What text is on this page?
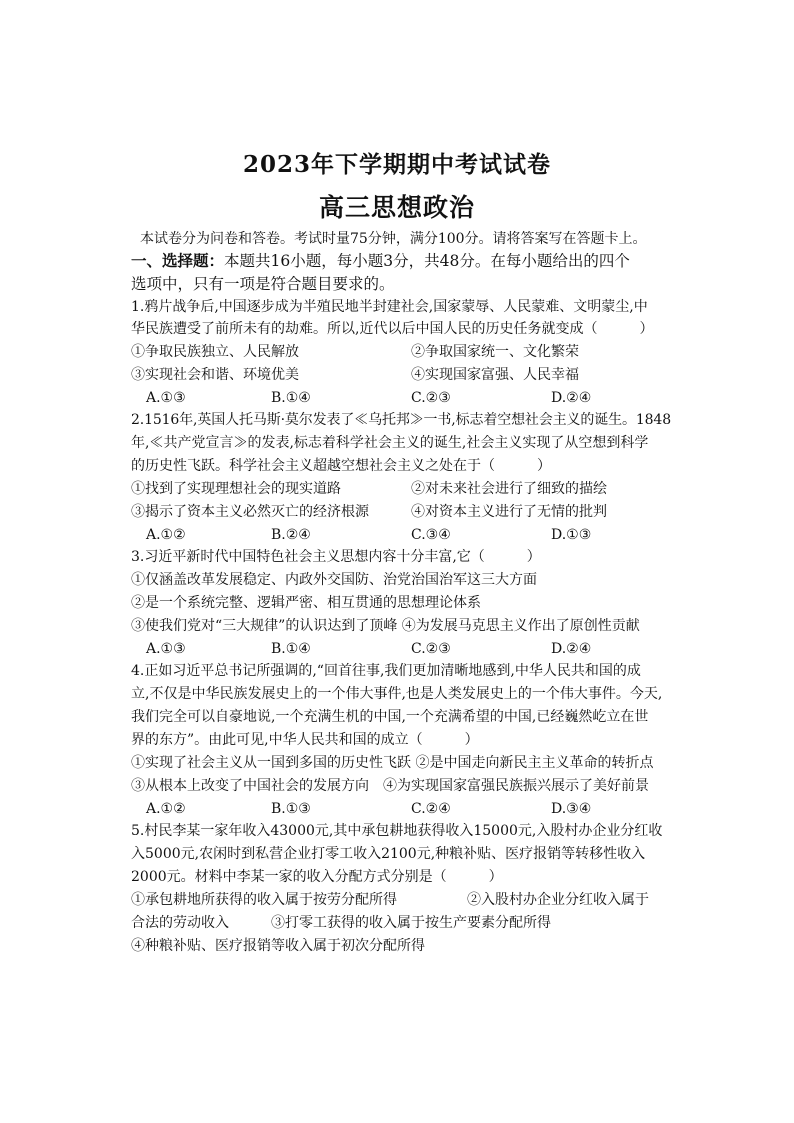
2023年下学期期中考试试卷
高三思想政治
本试卷分为问卷和答卷。考试时量75分钟，满分100分。请将答案写在答题卡上。
一、选择题：本题共16小题，每小题3分，共48分。在每小题给出的四个
选项中，只有一项是符合题目要求的。
1.鸦片战争后,中国逐步成为半殖民地半封建社会,国家蒙辱、人民蒙难、文明蒙尘,中
华民族遭受了前所未有的劫难。所以,近代以后中国人民的历史任务就变成（　　　）
①争取民族独立、人民解放	②争取国家统一、文化繁荣
③实现社会和谐、环境优美	④实现国家富强、人民幸福
A.①③	B.①④	C.②③	D.②④
2.1516年,英国人托马斯·莫尔发表了≪乌托邦≫一书,标志着空想社会主义的诞生。1848
年,≪共产党宣言≫的发表,标志着科学社会主义的诞生,社会主义实现了从空想到科学
的历史性飞跃。科学社会主义超越空想社会主义之处在于（　　　）
①找到了实现理想社会的现实道路	②对未来社会进行了细致的描绘
③揭示了资本主义必然灭亡的经济根源	④对资本主义进行了无情的批判
A.①②	B.②④	C.③④	D.①③
3.习近平新时代中国特色社会主义思想内容十分丰富,它（　　　）
①仅涵盖改革发展稳定、内政外交国防、治党治国治军这三大方面
②是一个系统完整、逻辑严密、相互贯通的思想理论体系
③使我们党对“三大规律”的认识达到了顶峰 ④为发展马克思主义作出了原创性贡献
A.①③	B.①④	C.②③	D.②④
4.正如习近平总书记所强调的,“回首往事,我们更加清晰地感到,中华人民共和国的成
立,不仅是中华民族发展史上的一个伟大事件,也是人类发展史上的一个伟大事件。今天,
我们完全可以自豪地说,一个充满生机的中国,一个充满希望的中国,已经巍然屹立在世
界的东方”。由此可见,中华人民共和国的成立（　　　）
①实现了社会主义从一国到多国的历史性飞跃 ②是中国走向新民主主义革命的转折点
③从根本上改变了中国社会的发展方向　④为实现国家富强民族振兴展示了美好前景
A.①②	B.①③	C.②④	D.③④
5.村民李某一家年收入43000元,其中承包耕地获得收入15000元,入股村办企业分红收
入5000元,农闲时到私营企业打零工收入2100元,种粮补贴、医疗报销等转移性收入
2000元。材料中李某一家的收入分配方式分别是（　　　）
①承包耕地所获得的收入属于按劳分配所得	②入股村办企业分红收入属于
合法的劳动收入	③打零工获得的收入属于按生产要素分配所得
④种粮补贴、医疗报销等收入属于初次分配所得
